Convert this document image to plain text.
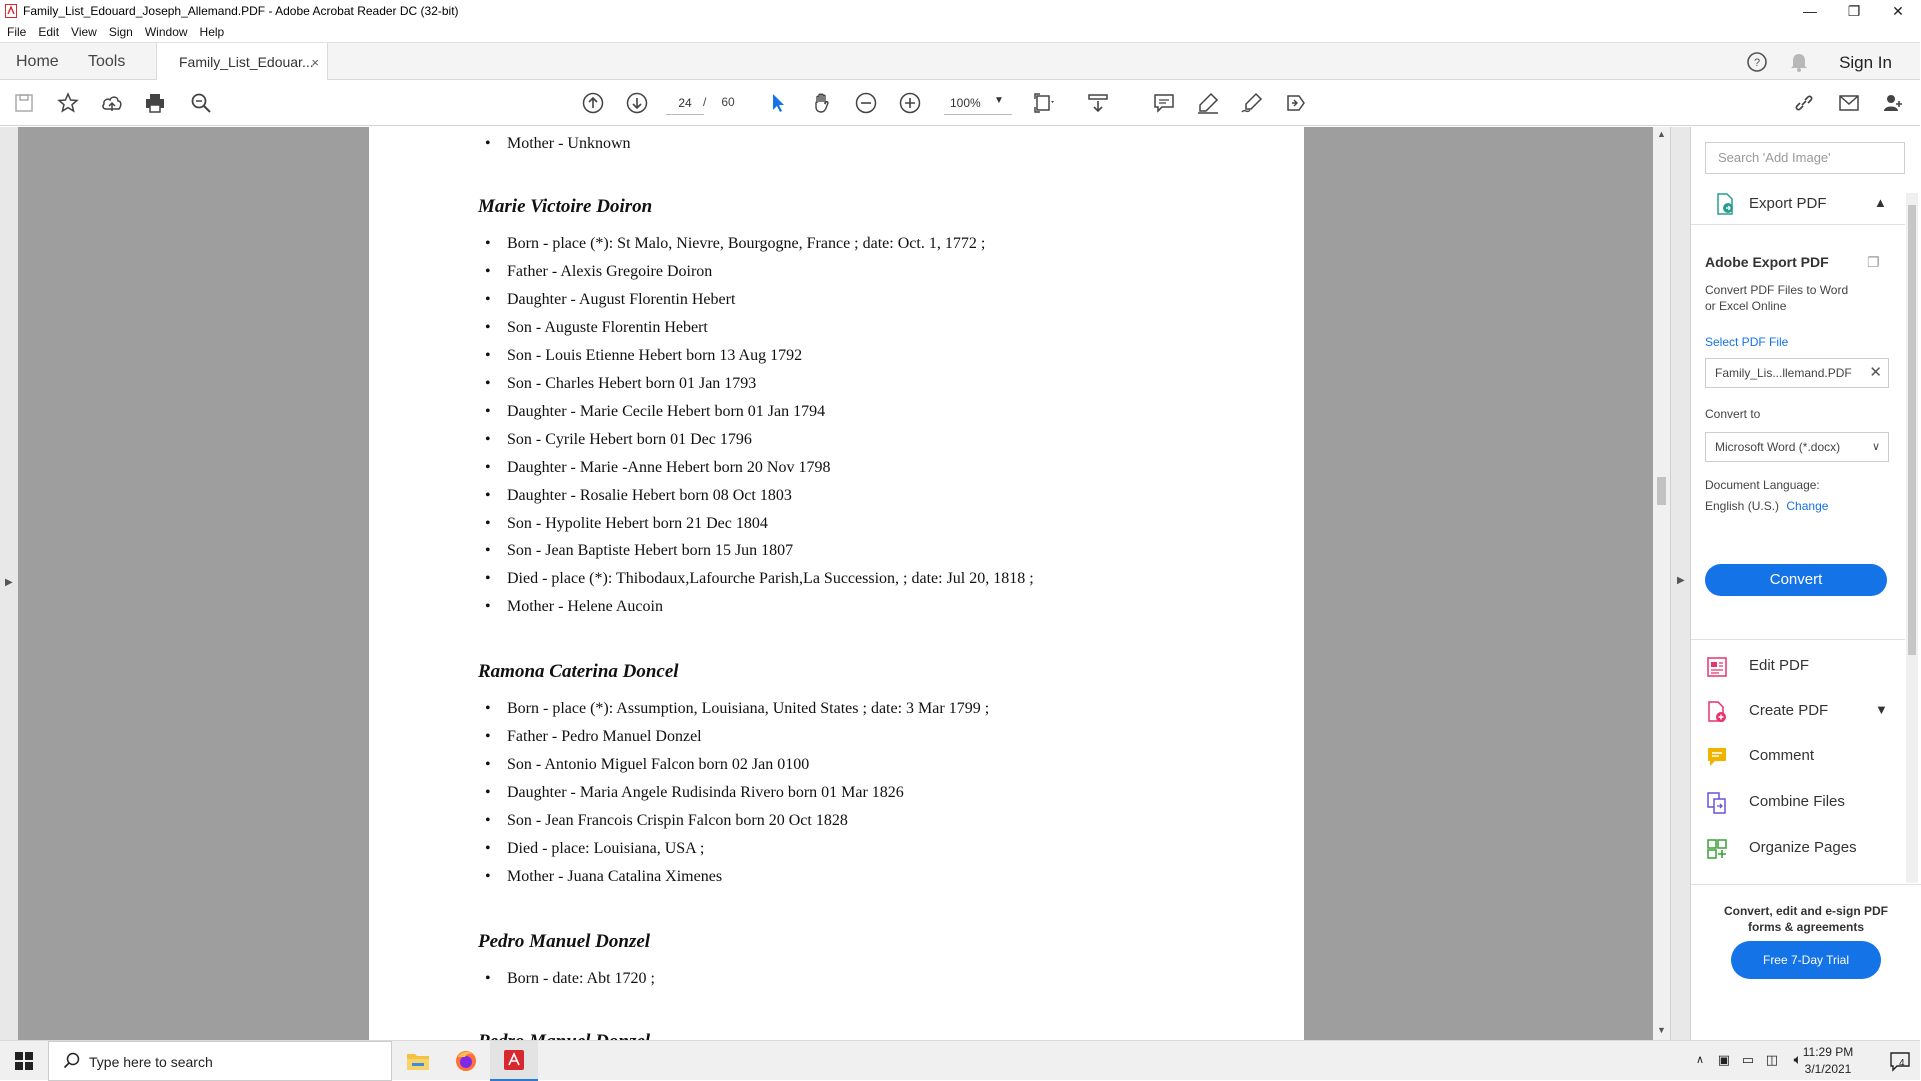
Family_List_Edouard_Joseph_Allemand.PDF - Adobe Acrobat Reader DC (32-bit)	—	❐	✕
File Edit View Sign Window Help
Home Tools	Family_List_Edouar...
×	?	Sign In
24 /	60	100%	▼
▶
• Mother - Unknown
Marie Victoire Doiron
• Born - place (*): St Malo, Nievre, Bourgogne, France ; date: Oct. 1, 1772 ;
• Father - Alexis Gregoire Doiron
• Daughter - August Florentin Hebert
• Son - Auguste Florentin Hebert
• Son - Louis Etienne Hebert born 13 Aug 1792
• Son - Charles Hebert born 01 Jan 1793
• Daughter - Marie Cecile Hebert born 01 Jan 1794
• Son - Cyrile Hebert born 01 Dec 1796
• Daughter - Marie -Anne Hebert born 20 Nov 1798
• Daughter - Rosalie Hebert born 08 Oct 1803
• Son - Hypolite Hebert born 21 Dec 1804
• Son - Jean Baptiste Hebert born 15 Jun 1807
• Died - place (*): Thibodaux,Lafourche Parish,La Succession, ; date: Jul 20, 1818 ;
• Mother - Helene Aucoin
Ramona Caterina Doncel
• Born - place (*): Assumption, Louisiana, United States ; date: 3 Mar 1799 ;
• Father - Pedro Manuel Donzel
• Son - Antonio Miguel Falcon born 02 Jan 0100
• Daughter - Maria Angele Rudisinda Rivero born 01 Mar 1826
• Son - Jean Francois Crispin Falcon born 20 Oct 1828
• Died - place: Louisiana, USA ;
• Mother - Juana Catalina Ximenes
Pedro Manuel Donzel
• Born - date: Abt 1720 ;
▲
▼
▶
Search 'Add Image'
Export PDF	▲
Adobe Export PDF	❐
Convert PDF Files to Word
or Excel Online
Select PDF File
Family_Lis...llemand.PDF ✕
Convert to
Microsoft Word (*.docx)	∨
Document Language:
English (U.S.) Change
Convert
Edit PDF
Create PDF	▼
Comment
Combine Files
Organize Pages
Convert, edit and e-sign PDF forms & agreements
Free 7-Day Trial
Type here to search	∧ ▣ ▭ ◫ 🔈︎ 11:29 PM
3/1/2021	4
